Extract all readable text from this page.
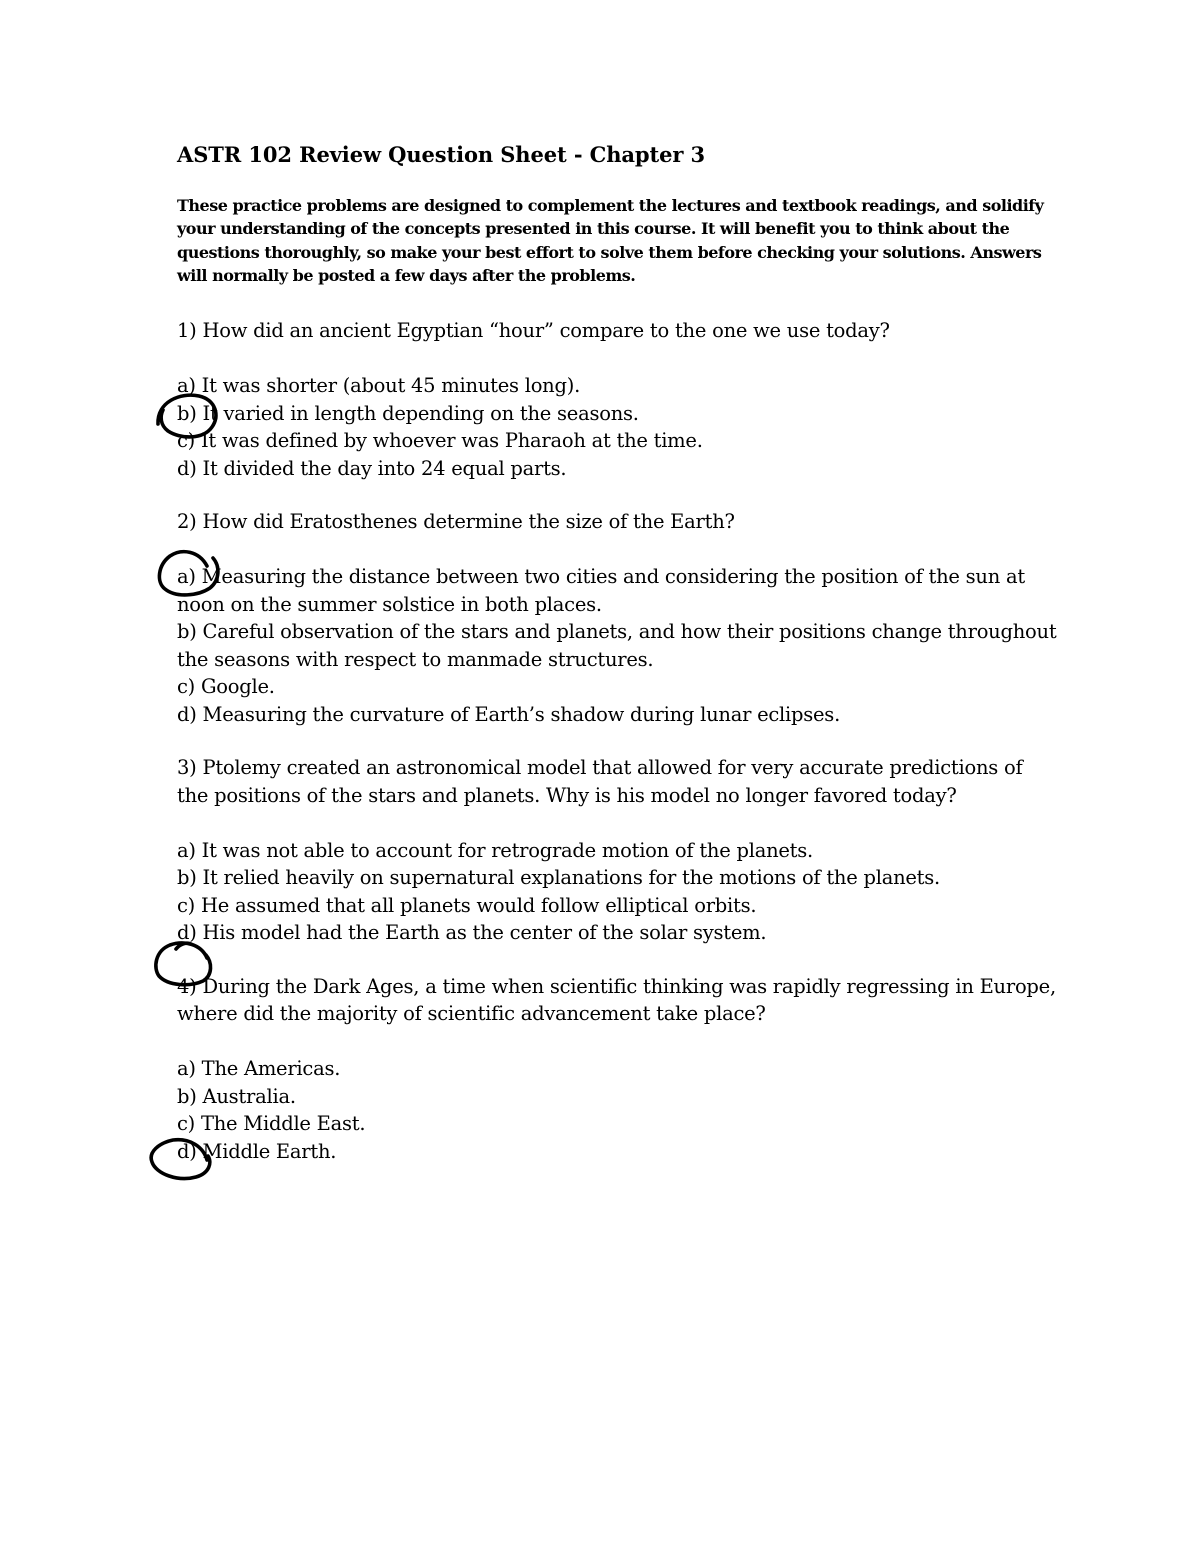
ASTR 102 Review Question Sheet - Chapter 3
These practice problems are designed to complement the lectures and textbook readings, and solidify your understanding of the concepts presented in this course. It will benefit you to think about the questions thoroughly, so make your best effort to solve them before checking your solutions. Answers will normally be posted a few days after the problems.
1) How did an ancient Egyptian “hour” compare to the one we use today?
a) It was shorter (about 45 minutes long).
b) It varied in length depending on the seasons.
c) It was defined by whoever was Pharaoh at the time.
d) It divided the day into 24 equal parts.
2) How did Eratosthenes determine the size of the Earth?
a) Measuring the distance between two cities and considering the position of the sun at noon on the summer solstice in both places.
b) Careful observation of the stars and planets, and how their positions change throughout the seasons with respect to manmade structures.
c) Google.
d) Measuring the curvature of Earth’s shadow during lunar eclipses.
3) Ptolemy created an astronomical model that allowed for very accurate predictions of the positions of the stars and planets. Why is his model no longer favored today?
a) It was not able to account for retrograde motion of the planets.
b) It relied heavily on supernatural explanations for the motions of the planets.
c) He assumed that all planets would follow elliptical orbits.
d) His model had the Earth as the center of the solar system.
4) During the Dark Ages, a time when scientific thinking was rapidly regressing in Europe, where did the majority of scientific advancement take place?
a) The Americas.
b) Australia.
c) The Middle East.
d) Middle Earth.
